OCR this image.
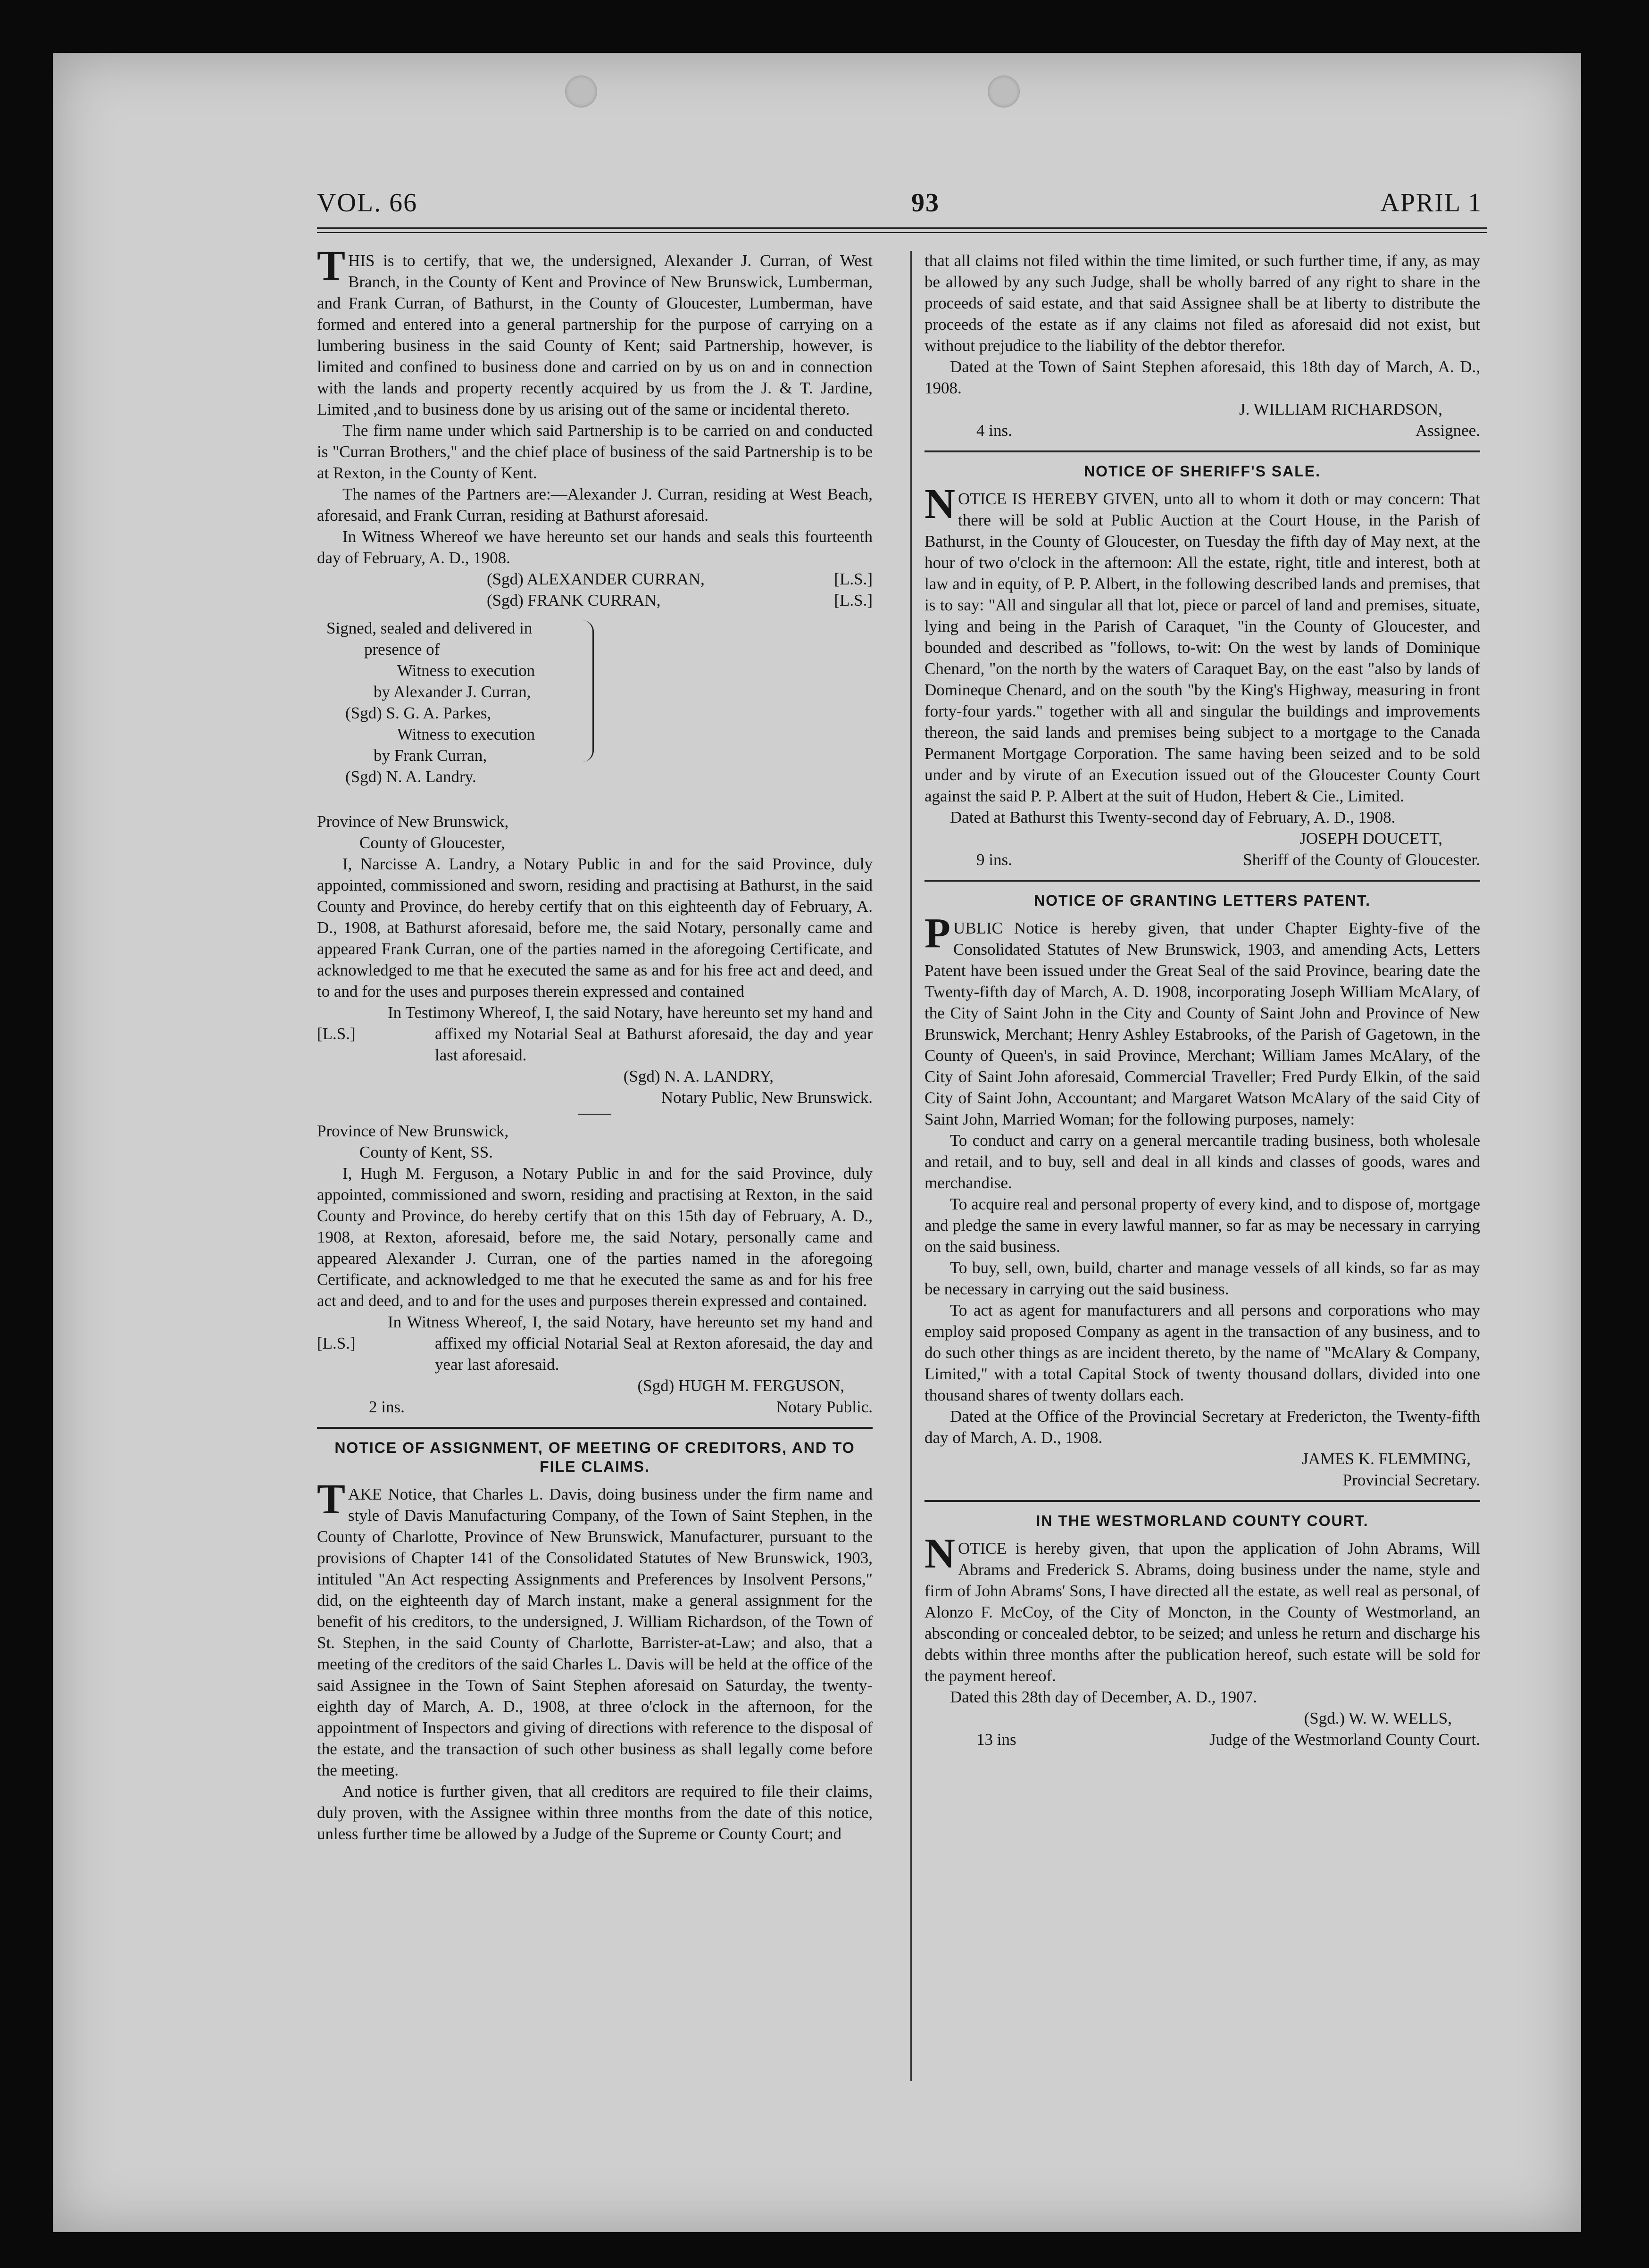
VOL. 66	93	APRIL 1

THIS is to certify, that we, the undersigned, Alexander J. Curran, of West Branch, in the County of Kent and Province of New Brunswick, Lumberman, and Frank Curran, of Bathurst, in the County of Gloucester, Lumberman, have formed and entered into a general partnership for the purpose of carrying on a lumbering business in the said County of Kent; said Partnership, however, is limited and confined to business done and carried on by us on and in connection with the lands and property recently acquired by us from the J. & T. Jardine, Limited ,and to business done by us arising out of the same or incidental thereto.

The firm name under which said Partnership is to be carried on and conducted is "Curran Brothers," and the chief place of business of the said Partnership is to be at Rexton, in the County of Kent.

The names of the Partners are:—Alexander J. Curran, residing at West Beach, aforesaid, and Frank Curran, residing at Bathurst aforesaid.

In Witness Whereof we have hereunto set our hands and seals this fourteenth day of February, A. D., 1908.

(Sgd) ALEXANDER CURRAN,	[L.S.]
(Sgd) FRANK CURRAN,	[L.S.]

Signed, sealed and delivered in

presence of

Witness to execution

by Alexander J. Curran,

(Sgd) S. G. A. Parkes,

Witness to execution

by Frank Curran,

(Sgd) N. A. Landry.

Province of New Brunswick,

County of Gloucester,

I, Narcisse A. Landry, a Notary Public in and for the said Province, duly appointed, commissioned and sworn, residing and practising at Bathurst, in the said County and Province, do hereby certify that on this eighteenth day of February, A. D., 1908, at Bathurst aforesaid, before me, the said Notary, personally came and appeared Frank Curran, one of the parties named in the aforegoing Certificate, and acknowledged to me that he executed the same as and for his free act and deed, and to and for the uses and purposes therein expressed and contained

[L.S.]

In Testimony Whereof, I, the said Notary, have hereunto set my hand and affixed my Notarial Seal at Bathurst aforesaid, the day and year last aforesaid.

(Sgd) N. A. LANDRY,

Notary Public, New Brunswick.

Province of New Brunswick,

County of Kent, SS.

I, Hugh M. Ferguson, a Notary Public in and for the said Province, duly appointed, commissioned and sworn, residing and practising at Rexton, in the said County and Province, do hereby certify that on this 15th day of February, A. D., 1908, at Rexton, aforesaid, before me, the said Notary, personally came and appeared Alexander J. Curran, one of the parties named in the aforegoing Certificate, and acknowledged to me that he executed the same as and for his free act and deed, and to and for the uses and purposes therein expressed and contained.

[L.S.]

In Witness Whereof, I, the said Notary, have hereunto set my hand and affixed my official Notarial Seal at Rexton aforesaid, the day and year last aforesaid.

(Sgd) HUGH M. FERGUSON,

2 ins.	Notary Public.

NOTICE OF ASSIGNMENT, OF MEETING OF CREDITORS, AND TO FILE CLAIMS.

TAKE Notice, that Charles L. Davis, doing business under the firm name and style of Davis Manufacturing Company, of the Town of Saint Stephen, in the County of Charlotte, Province of New Brunswick, Manufacturer, pursuant to the provisions of Chapter 141 of the Consolidated Statutes of New Brunswick, 1903, intituled "An Act respecting Assignments and Preferences by Insolvent Persons," did, on the eighteenth day of March instant, make a general assignment for the benefit of his creditors, to the undersigned, J. William Richardson, of the Town of St. Stephen, in the said County of Charlotte, Barrister-at-Law; and also, that a meeting of the creditors of the said Charles L. Davis will be held at the office of the said Assignee in the Town of Saint Stephen aforesaid on Saturday, the twenty-eighth day of March, A. D., 1908, at three o'clock in the afternoon, for the appointment of Inspectors and giving of directions with reference to the disposal of the estate, and the transaction of such other business as shall legally come before the meeting.

And notice is further given, that all creditors are required to file their claims, duly proven, with the Assignee within three months from the date of this notice, unless further time be allowed by a Judge of the Supreme or County Court; and

that all claims not filed within the time limited, or such further time, if any, as may be allowed by any such Judge, shall be wholly barred of any right to share in the proceeds of said estate, and that said Assignee shall be at liberty to distribute the proceeds of the estate as if any claims not filed as aforesaid did not exist, but without prejudice to the liability of the debtor therefor.

Dated at the Town of Saint Stephen aforesaid, this 18th day of March, A. D., 1908.

J. WILLIAM RICHARDSON,

4 ins.	Assignee.

NOTICE OF SHERIFF'S SALE.

NOTICE IS HEREBY GIVEN, unto all to whom it doth or may concern: That there will be sold at Public Auction at the Court House, in the Parish of Bathurst, in the County of Gloucester, on Tuesday the fifth day of May next, at the hour of two o'clock in the afternoon: All the estate, right, title and interest, both at law and in equity, of P. P. Albert, in the following described lands and premises, that is to say: "All and singular all that lot, piece or parcel of land and premises, situate, lying and being in the Parish of Caraquet, "in the County of Gloucester, and bounded and described as "follows, to-wit: On the west by lands of Dominique Chenard, "on the north by the waters of Caraquet Bay, on the east "also by lands of Domineque Chenard, and on the south "by the King's Highway, measuring in front forty-four yards." together with all and singular the buildings and improvements thereon, the said lands and premises being subject to a mortgage to the Canada Permanent Mortgage Corporation. The same having been seized and to be sold under and by virute of an Execution issued out of the Gloucester County Court against the said P. P. Albert at the suit of Hudon, Hebert & Cie., Limited.

Dated at Bathurst this Twenty-second day of February, A. D., 1908.

JOSEPH DOUCETT,

9 ins.	Sheriff of the County of Gloucester.

NOTICE OF GRANTING LETTERS PATENT.

PUBLIC Notice is hereby given, that under Chapter Eighty-five of the Consolidated Statutes of New Brunswick, 1903, and amending Acts, Letters Patent have been issued under the Great Seal of the said Province, bearing date the Twenty-fifth day of March, A. D. 1908, incorporating Joseph William McAlary, of the City of Saint John in the City and County of Saint John and Province of New Brunswick, Merchant; Henry Ashley Estabrooks, of the Parish of Gagetown, in the County of Queen's, in said Province, Merchant; William James McAlary, of the City of Saint John aforesaid, Commercial Traveller; Fred Purdy Elkin, of the said City of Saint John, Accountant; and Margaret Watson McAlary of the said City of Saint John, Married Woman; for the following purposes, namely:

To conduct and carry on a general mercantile trading business, both wholesale and retail, and to buy, sell and deal in all kinds and classes of goods, wares and merchandise.

To acquire real and personal property of every kind, and to dispose of, mortgage and pledge the same in every lawful manner, so far as may be necessary in carrying on the said business.

To buy, sell, own, build, charter and manage vessels of all kinds, so far as may be necessary in carrying out the said business.

To act as agent for manufacturers and all persons and corporations who may employ said proposed Company as agent in the transaction of any business, and to do such other things as are incident thereto, by the name of "McAlary & Company, Limited," with a total Capital Stock of twenty thousand dollars, divided into one thousand shares of twenty dollars each.

Dated at the Office of the Provincial Secretary at Fredericton, the Twenty-fifth day of March, A. D., 1908.

JAMES K. FLEMMING,

Provincial Secretary.

IN THE WESTMORLAND COUNTY COURT.

NOTICE is hereby given, that upon the application of John Abrams, Will Abrams and Frederick S. Abrams, doing business under the name, style and firm of John Abrams' Sons, I have directed all the estate, as well real as personal, of Alonzo F. McCoy, of the City of Moncton, in the County of Westmorland, an absconding or concealed debtor, to be seized; and unless he return and discharge his debts within three months after the publication hereof, such estate will be sold for the payment hereof.

Dated this 28th day of December, A. D., 1907.

(Sgd.) W. W. WELLS,

13 ins	Judge of the Westmorland County Court.
